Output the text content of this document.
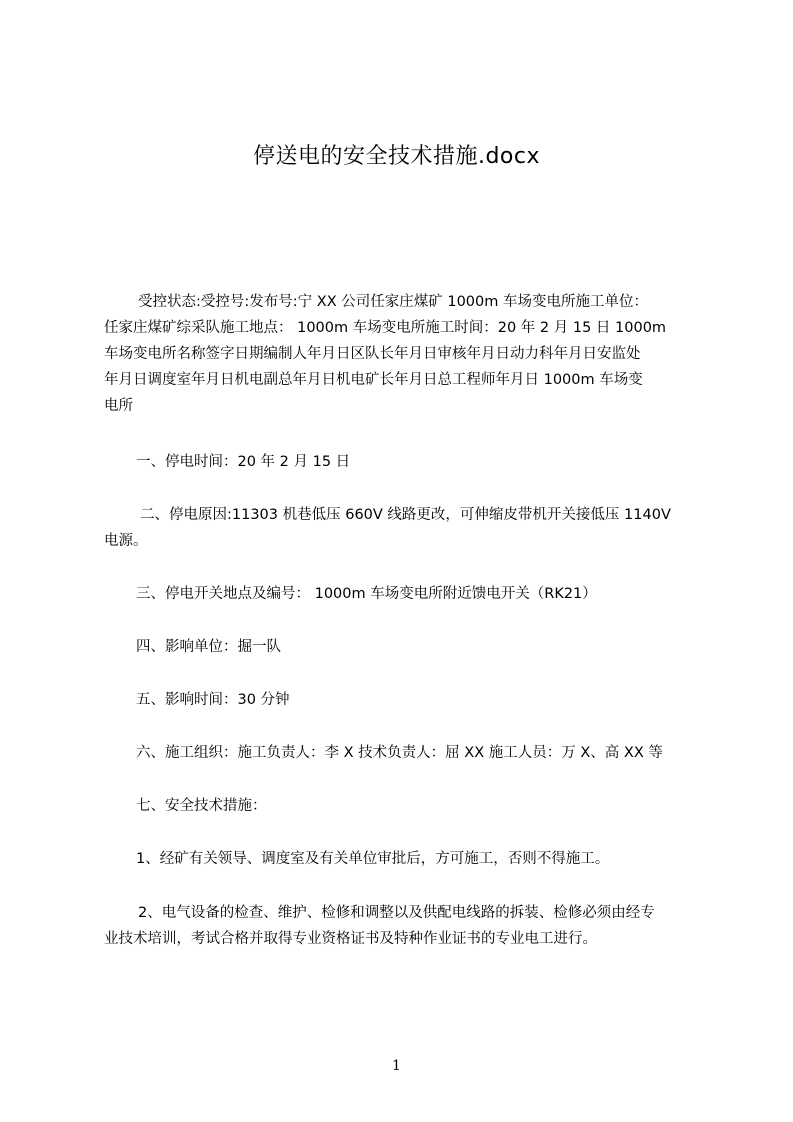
停送电的安全技术措施.docx
受控状态:受控号:发布号:宁 XX 公司任家庄煤矿 1000m 车场变电所施工单位：
任家庄煤矿综采队施工地点： 1000m 车场变电所施工时间：20 年 2 月 15 日 1000m
车场变电所名称签字日期编制人年月日区队长年月日审核年月日动力科年月日安监处
年月日调度室年月日机电副总年月日机电矿长年月日总工程师年月日 1000m 车场变
电所
一、停电时间：20 年 2 月 15 日
二、停电原因:11303 机巷低压 660V 线路更改，可伸缩皮带机开关接低压 1140V
电源。
三、停电开关地点及编号： 1000m 车场变电所附近馈电开关（RK21）
四、影响单位：掘一队
五、影响时间：30 分钟
六、施工组织：施工负责人：李 X 技术负责人：屈 XX 施工人员：万 X、高 XX 等
七、安全技术措施：
1、经矿有关领导、调度室及有关单位审批后，方可施工，否则不得施工。
2、电气设备的检查、维护、检修和调整以及供配电线路的拆装、检修必须由经专
业技术培训，考试合格并取得专业资格证书及特种作业证书的专业电工进行。
1
